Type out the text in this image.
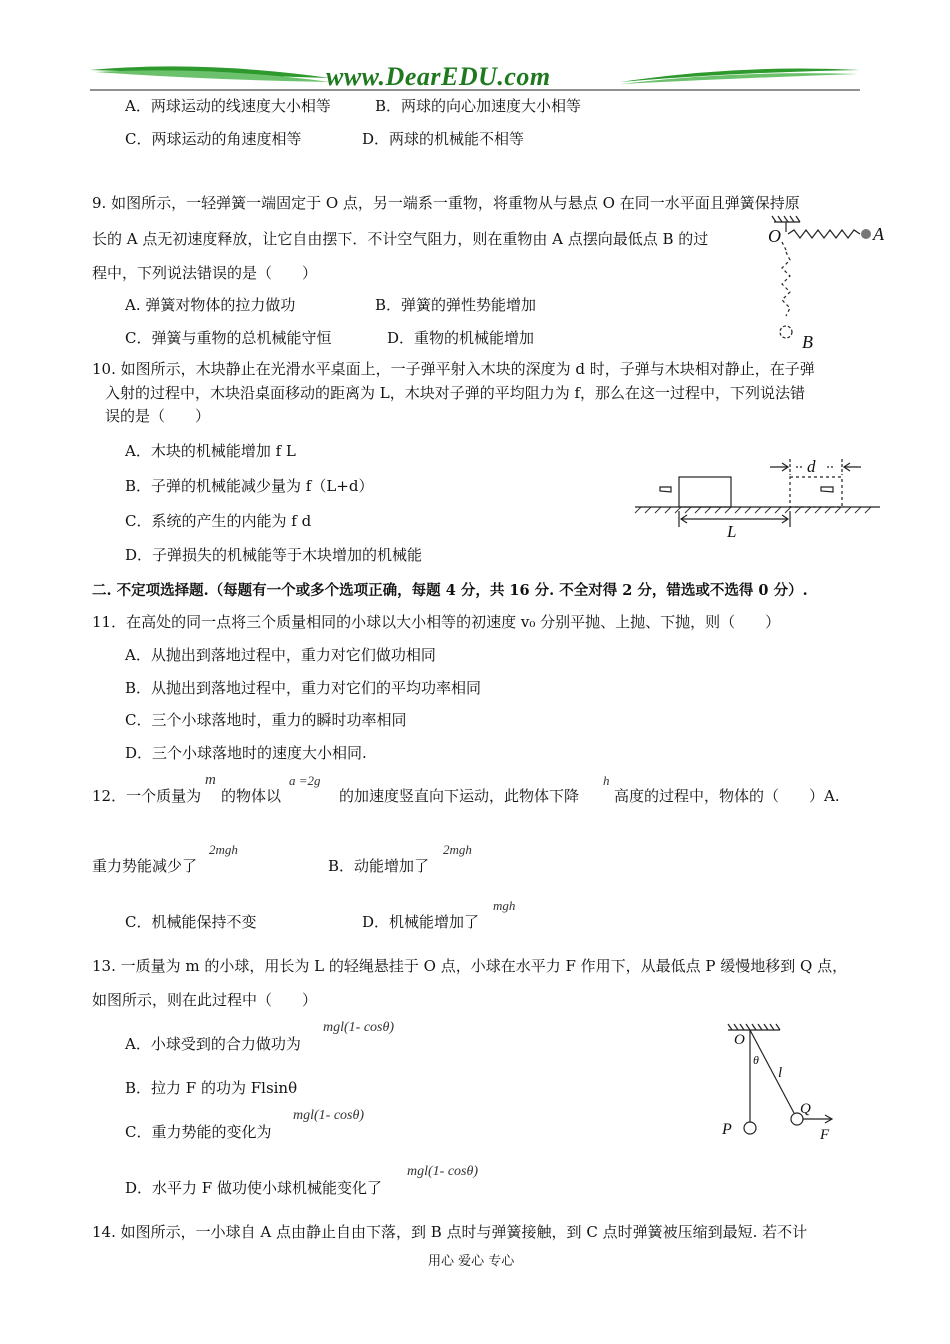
www.DearEDU.com
A．两球运动的线速度大小相等	B．两球的向心加速度大小相等
C．两球运动的角速度相等	D．两球的机械能不相等
9. 如图所示，一轻弹簧一端固定于 O 点，另一端系一重物，将重物从与悬点 O 在同一水平面且弹簧保持原
长的 A 点无初速度释放，让它自由摆下．不计空气阻力，则在重物由 A 点摆向最低点 B 的过
程中，下列说法错误的是（　　）
A. 弹簧对物体的拉力做功	B．弹簧的弹性势能增加
C．弹簧与重物的总机械能守恒	D．重物的机械能增加
O	A
B
10. 如图所示，木块静止在光滑水平桌面上，一子弹平射入木块的深度为 d 时，子弹与木块相对静止，在子弹
入射的过程中，木块沿桌面移动的距离为 L，木块对子弹的平均阻力为 f，那么在这一过程中，下列说法错
误的是（　　）
A．木块的机械能增加 f L
B．子弹的机械能减少量为 f（L+d）
C．系统的产生的内能为 f d
D．子弹损失的机械能等于木块增加的机械能
d
L
二. 不定项选择题.（每题有一个或多个选项正确，每题 4 分，共 16 分. 不全对得 2 分，错选或不选得 0 分）.
11．在高处的同一点将三个质量相同的小球以大小相等的初速度 v₀ 分别平抛、上抛、下抛，则（　　）
A．从抛出到落地过程中，重力对它们做功相同
B．从抛出到落地过程中，重力对它们的平均功率相同
C．三个小球落地时，重力的瞬时功率相同
D．三个小球落地时的速度大小相同.
12．一个质量为
m
的物体以
a =2g
的加速度竖直向下运动，此物体下降
h
高度的过程中，物体的（　　）A.
重力势能减少了
2mgh
B．动能增加了
2mgh
C．机械能保持不变	D．机械能增加了
mgh
13. 一质量为 m 的小球，用长为 L 的轻绳悬挂于 O 点，小球在水平力 F 作用下，从最低点 P 缓慢地移到 Q 点，
如图所示，则在此过程中（　　）
A．小球受到的合力做功为
mgl(1- cosθ)
B．拉力 F 的功为 Flsinθ
C．重力势能的变化为
mgl(1- cosθ)
D．水平力 F 做功使小球机械能变化了
mgl(1- cosθ)
O
θ
l
P
Q
F
14. 如图所示，一小球自 A 点由静止自由下落，到 B 点时与弹簧接触，到 C 点时弹簧被压缩到最短. 若不计
用心 爱心 专心
